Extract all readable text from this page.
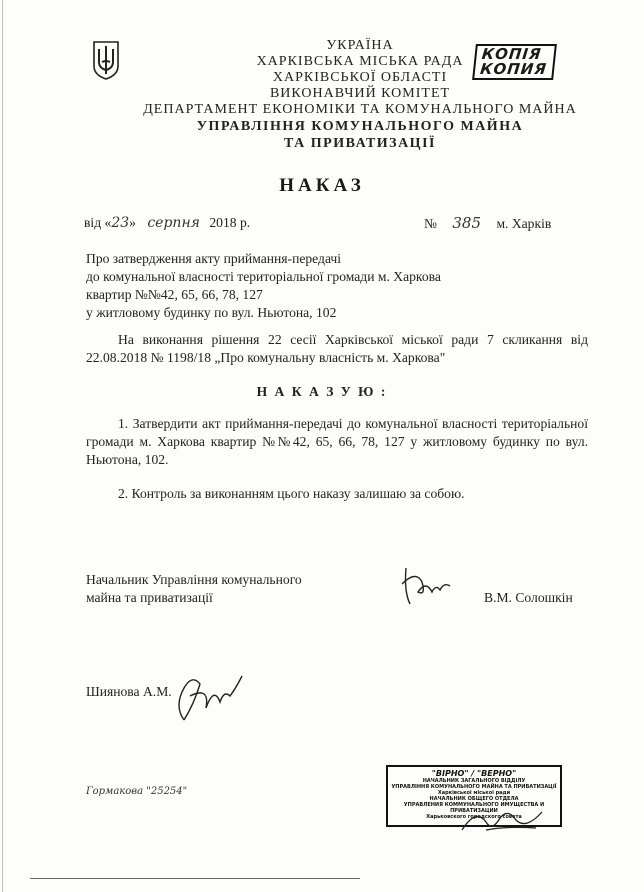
УКРАЇНА
ХАРКІВСЬКА МІСЬКА РАДА
ХАРКІВСЬКОЇ ОБЛАСТІ
ВИКОНАВЧИЙ КОМІТЕТ
ДЕПАРТАМЕНТ ЕКОНОМІКИ ТА КОМУНАЛЬНОГО МАЙНА
УПРАВЛІННЯ КОМУНАЛЬНОГО МАЙНА
ТА ПРИВАТИЗАЦІЇ
КОПІЯ
КОПИЯ
НАКАЗ
від «23» серпня 2018 р.	№ 385 м. Харків
Про затвердження акту приймання-передачі
до комунальної власності територіальної громади м. Харкова
квартир №№42, 65, 66, 78, 127
у житловому будинку по вул. Ньютона, 102
На виконання рішення 22 сесії Харківської міської ради 7 скликання від 22.08.2018 № 1198/18 „Про комунальну власність м. Харкова"
Н А К А З У Ю :
1. Затвердити акт приймання-передачі до комунальної власності територіальної громади м. Харкова квартир №№42, 65, 66, 78, 127 у житловому будинку по вул. Ньютона, 102.
2. Контроль за виконанням цього наказу залишаю за собою.
Начальник Управління комунального
майна та приватизації	В.М. Солошкін
Шиянова А.М.
Гормакова "25254"
"ВІРНО" / "ВЕРНО"
НАЧАЛЬНИК ЗАГАЛЬНОГО ВІДДІЛУ
УПРАВЛІННЯ КОМУНАЛЬНОГО МАЙНА ТА ПРИВАТИЗАЦІЇ
Харківської міської ради
НАЧАЛЬНИК ОБЩЕГО ОТДЕЛА
УПРАВЛЕНИЯ КОММУНАЛЬНОГО ИМУЩЕСТВА И ПРИВАТИЗАЦИИ
Харьковского городского совета
